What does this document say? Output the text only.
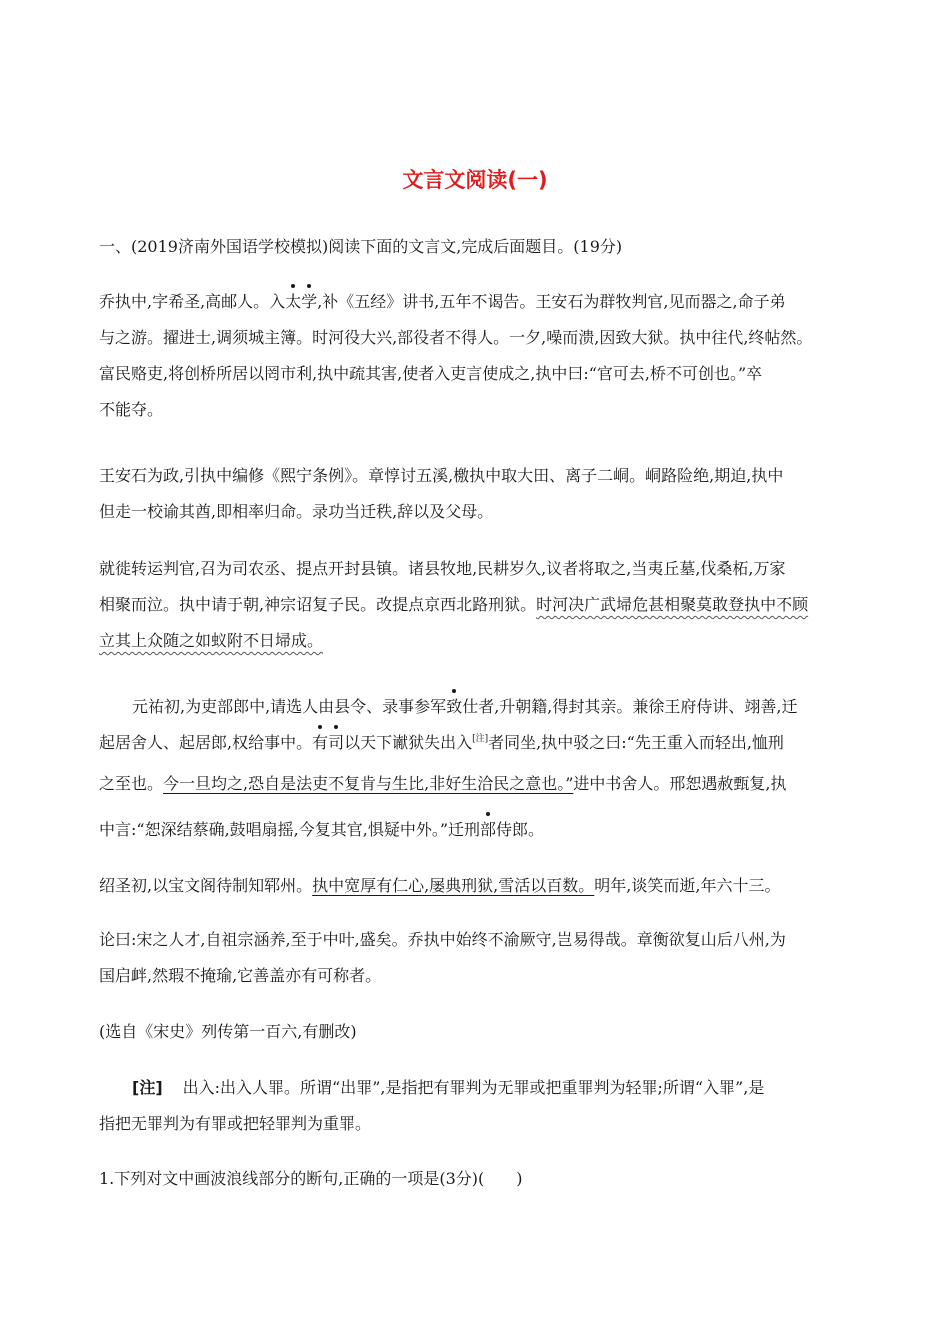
文言文阅读(一)
一、(2019济南外国语学校模拟)阅读下面的文言文,完成后面题目。(19分)
乔执中,字希圣,高邮人。入太学,补《五经》讲书,五年不谒告。王安石为群牧判官,见而器之,命子弟
与之游。擢进士,调须城主簿。时河役大兴,部役者不得人。一夕,噪而溃,因致大狱。执中往代,终帖然。
富民赂吏,将创桥所居以罔市利,执中疏其害,使者入吏言使成之,执中曰:“官可去,桥不可创也。”卒
不能夺。
王安石为政,引执中编修《熙宁条例》。章惇讨五溪,檄执中取大田、离子二峒。峒路险绝,期迫,执中
但走一校谕其酋,即相率归命。录功当迁秩,辞以及父母。
就徙转运判官,召为司农丞、提点开封县镇。诸县牧地,民耕岁久,议者将取之,当夷丘墓,伐桑柘,万家
相聚而泣。执中请于朝,神宗诏复子民。改提点京西北路刑狱。时河决广武埽危甚相聚莫敢登执中不顾
立其上众随之如蚁附不日埽成。
元祐初,为吏部郎中,请选人由县令、录事参军致仕者,升朝籍,得封其亲。兼徐王府侍讲、翊善,迁
起居舍人、起居郎,权给事中。有司以天下谳狱失出入[注]者同坐,执中驳之曰:“先王重入而轻出,恤刑
之至也。今一旦均之,恐自是法吏不复肯与生比,非好生洽民之意也。”进中书舍人。邢恕遇赦甄复,执
中言:“恕深结蔡确,鼓唱扇摇,今复其官,惧疑中外。”迁刑部侍郎。
绍圣初,以宝文阁待制知郓州。执中宽厚有仁心,屡典刑狱,雪活以百数。明年,谈笑而逝,年六十三。
论曰:宋之人才,自祖宗涵养,至于中叶,盛矣。乔执中始终不渝厥守,岂易得哉。章衡欲复山后八州,为
国启衅,然瑕不掩瑜,它善盖亦有可称者。
(选自《宋史》列传第一百六,有删改)
[注] 出入:出入人罪。所谓“出罪”,是指把有罪判为无罪或把重罪判为轻罪;所谓“入罪”,是
指把无罪判为有罪或把轻罪判为重罪。
1.下列对文中画波浪线部分的断句,正确的一项是(3分)(　　)
